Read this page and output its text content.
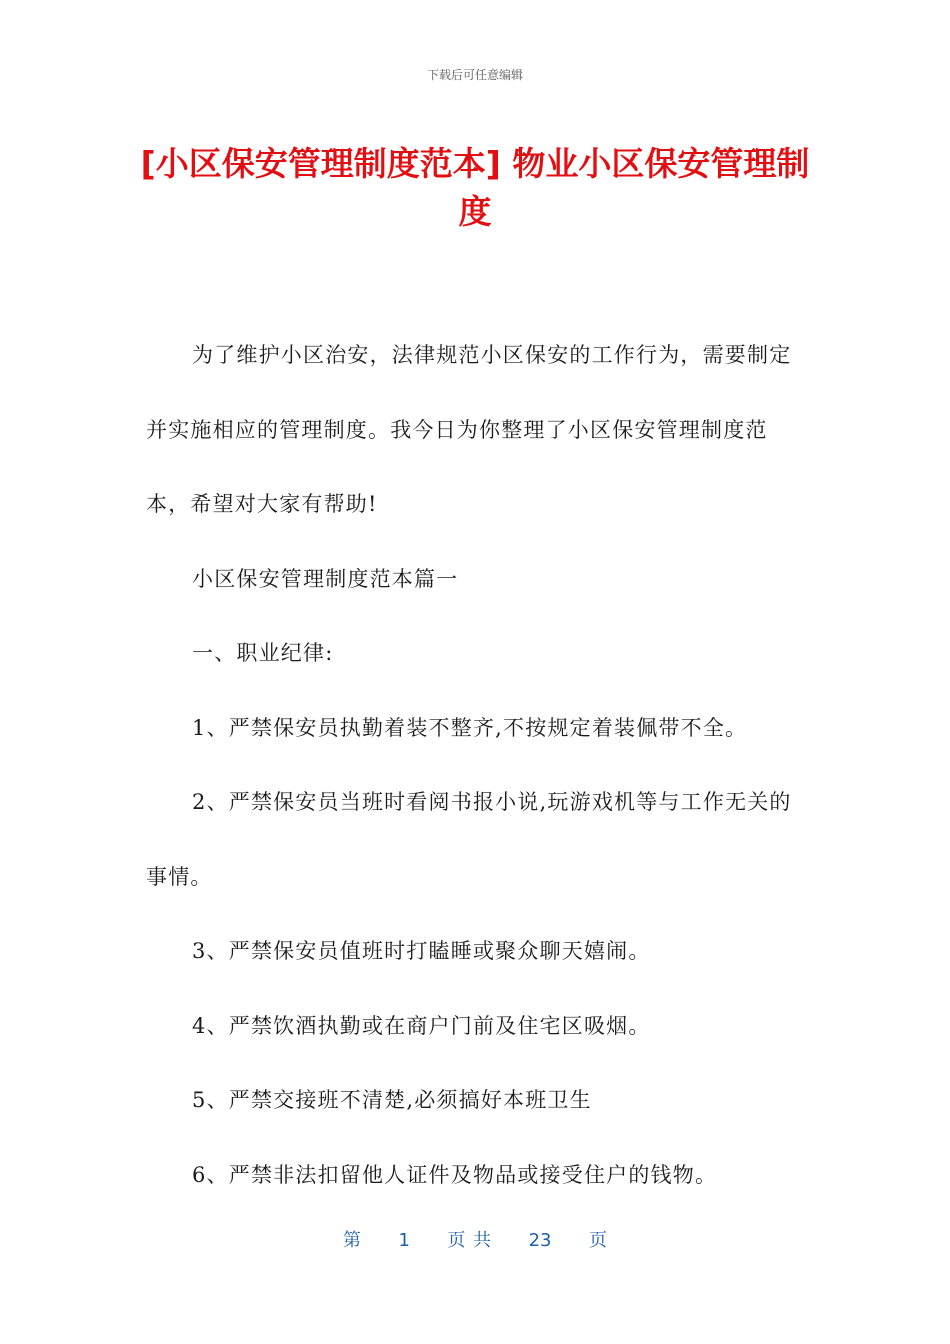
下载后可任意编辑
[小区保安管理制度范本] 物业小区保安管理制度

为了维护小区治安，法律规范小区保安的工作行为，需要制定并实施相应的管理制度。我今日为你整理了小区保安管理制度范本，希望对大家有帮助!

小区保安管理制度范本篇一

一、职业纪律:

1、严禁保安员执勤着装不整齐,不按规定着装佩带不全。

2、严禁保安员当班时看阅书报小说,玩游戏机等与工作无关的事情。

3、严禁保安员值班时打瞌睡或聚众聊天嬉闹。

4、严禁饮酒执勤或在商户门前及住宅区吸烟。

5、严禁交接班不清楚,必须搞好本班卫生

6、严禁非法扣留他人证件及物品或接受住户的钱物。

第 1 页 共 23 页
